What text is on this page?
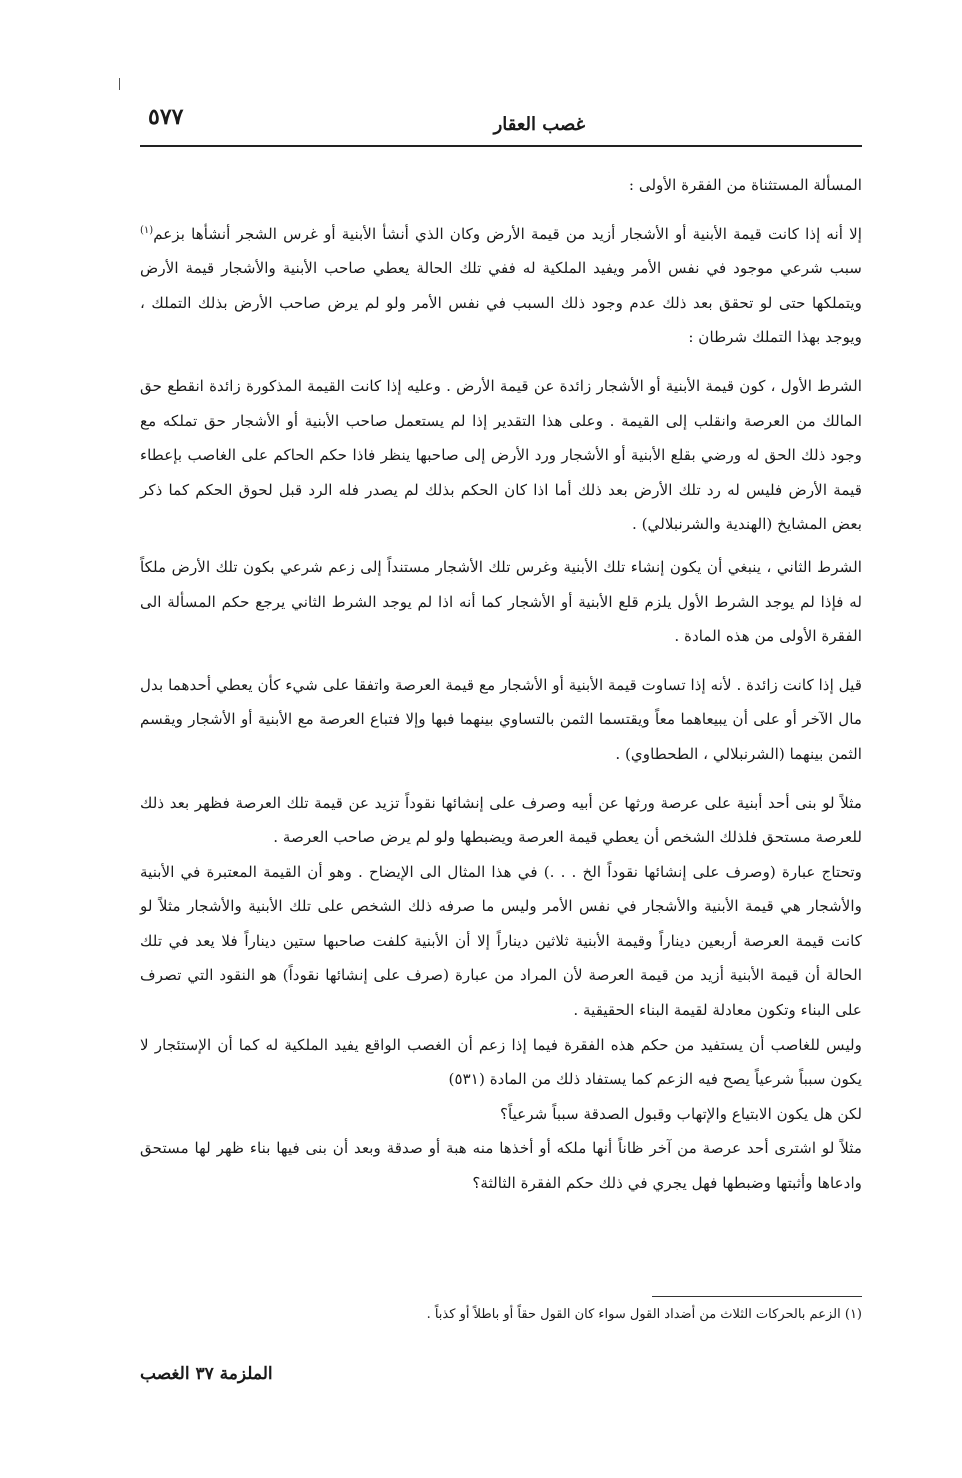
غصب العقار
٥٧٧

المسألة المستثناة من الفقرة الأولى :

إلا أنه إذا كانت قيمة الأبنية أو الأشجار أزيد من قيمة الأرض وكان الذي أنشأ الأبنية أو غرس الشجر أنشأها بزعم$^{(١)}$ سبب شرعي موجود في نفس الأمر ويفيد الملكية له ففي تلك الحالة يعطي صاحب الأبنية والأشجار قيمة الأرض ويتملكها حتى لو تحقق بعد ذلك عدم وجود ذلك السبب في نفس الأمر ولو لم يرض صاحب الأرض بذلك التملك ، ويوجد بهذا التملك شرطان :

الشرط الأول ، كون قيمة الأبنية أو الأشجار زائدة عن قيمة الأرض . وعليه إذا كانت القيمة المذكورة زائدة انقطع حق المالك من العرصة وانقلب إلى القيمة . وعلى هذا التقدير إذا لم يستعمل صاحب الأبنية أو الأشجار حق تملكه مع وجود ذلك الحق له ورضي بقلع الأبنية أو الأشجار ورد الأرض إلى صاحبها ينظر فاذا حكم الحاكم على الغاصب بإعطاء قيمة الأرض فليس له رد تلك الأرض بعد ذلك أما اذا كان الحكم بذلك لم يصدر فله الرد قبل لحوق الحكم كما ذكر بعض المشايخ (الهندية والشرنبلالي) .

الشرط الثاني ، ينبغي أن يكون إنشاء تلك الأبنية وغرس تلك الأشجار مستنداً إلى زعم شرعي بكون تلك الأرض ملكاً له فإذا لم يوجد الشرط الأول يلزم قلع الأبنية أو الأشجار كما أنه اذا لم يوجد الشرط الثاني يرجع حكم المسألة الى الفقرة الأولى من هذه المادة .

قيل إذا كانت زائدة . لأنه إذا تساوت قيمة الأبنية أو الأشجار مع قيمة العرصة واتفقا على شيء كأن يعطي أحدهما بدل مال الآخر أو على أن يبيعاهما معاً ويقتسما الثمن بالتساوي بينهما فبها وإلا فتباع العرصة مع الأبنية أو الأشجار ويقسم الثمن بينهما (الشرنبلالي ، الطحطاوي) .

مثلاً لو بنى أحد أبنية على عرصة ورثها عن أبيه وصرف على إنشائها نقوداً تزيد عن قيمة تلك العرصة فظهر بعد ذلك للعرصة مستحق فلذلك الشخص أن يعطي قيمة العرصة ويضبطها ولو لم يرض صاحب العرصة .

وتحتاج عبارة (وصرف على إنشائها نقوداً الخ . . .) في هذا المثال الى الإيضاح . وهو أن القيمة المعتبرة في الأبنية والأشجار هي قيمة الأبنية والأشجار في نفس الأمر وليس ما صرفه ذلك الشخص على تلك الأبنية والأشجار مثلاً لو كانت قيمة العرصة أربعين ديناراً وقيمة الأبنية ثلاثين ديناراً إلا أن الأبنية كلفت صاحبها ستين ديناراً فلا يعد في تلك الحالة أن قيمة الأبنية أزيد من قيمة العرصة لأن المراد من عبارة (صرف على إنشائها نقوداً) هو النقود التي تصرف على البناء وتكون معادلة لقيمة البناء الحقيقية .

وليس للغاصب أن يستفيد من حكم هذه الفقرة فيما إذا زعم أن الغصب الواقع يفيد الملكية له كما أن الإستئجار لا يكون سبباً شرعياً يصح فيه الزعم كما يستفاد ذلك من المادة (٥٣١)

لكن هل يكون الابتياع والإتهاب وقبول الصدقة سبباً شرعياً؟

مثلاً لو اشترى أحد عرصة من آخر ظاناً أنها ملكه أو أخذها منه هبة أو صدقة وبعد أن بنى فيها بناء ظهر لها مستحق وادعاها وأثبتها وضبطها فهل يجري في ذلك حكم الفقرة الثالثة؟

(١) الزعم بالحركات الثلاث من أضداد القول سواء كان القول حقاً أو باطلاً أو كذباً .
الملزمة ٣٧ الغصب
